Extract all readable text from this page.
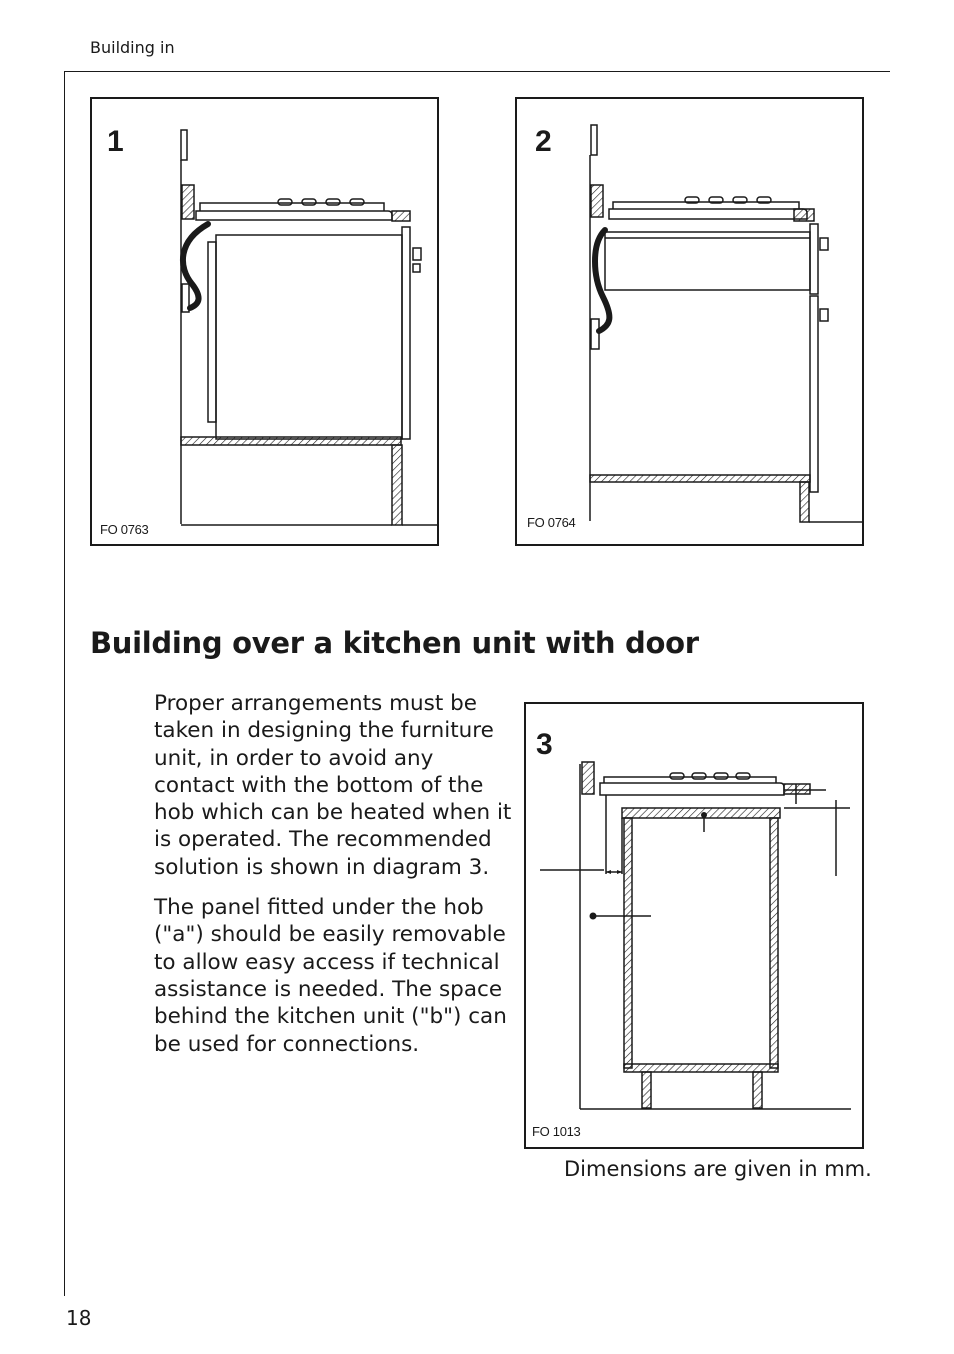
Building in
1
FO 0763
2
FO 0764
Building over a kitchen unit with door

Proper arrangements must be taken in designing the furniture unit, in order to avoid any contact with the bottom of the hob which can be heated when it is operated. The recommended solution is shown in diagram 3.

The panel fitted under the hob ("a") should be easily removable to allow easy access if technical assistance is needed. The space behind the kitchen unit ("b") can be used for connections.

3
FO 1013
Dimensions are given in mm.
18
